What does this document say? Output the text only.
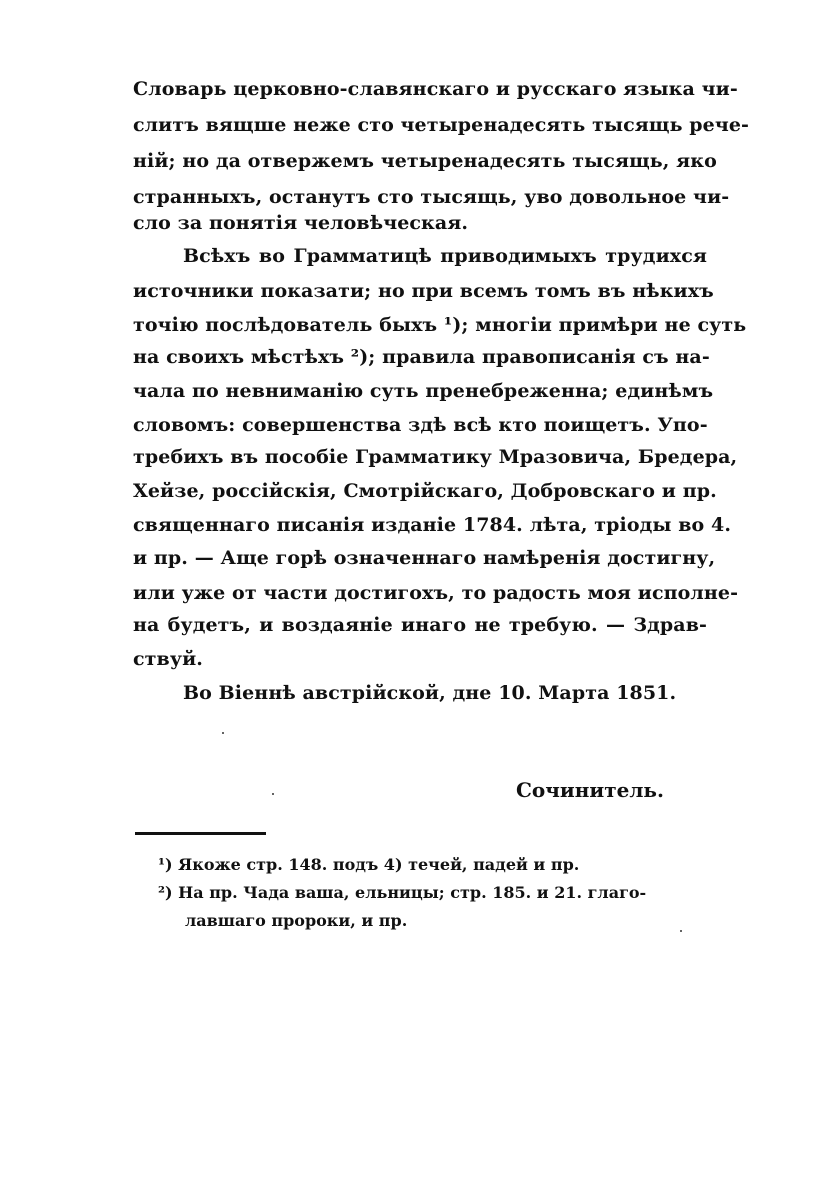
Словарь церковно-славянскаго и русскаго языка чи-
слитъ вящше неже сто четыренадесять тысящь рече-
ній; но да отвержемъ четыренадесять тысящь, яко
странныхъ, останутъ сто тысящь, уво довольное чи-
сло за понятія человѣческая.
Всѣхъ во Грамматицѣ приводимыхъ трудихся
источники показати; но при всемъ томъ въ нѣкихъ
точію послѣдователь быхъ ¹); многіи примѣри не суть
на своихъ мѣстѣхъ ²); правила правописанія съ на-
чала по невниманію суть пренебреженна; единѣмъ
словомъ: совершенства здѣ всѣ кто поищетъ. Упо-
требихъ въ пособіе Грамматику Мразовича, Бредера,
Хейзе, россійскія, Смотрійскаго, Добровскаго и пр.
священнаго писанія изданіе 1784. лѣта, тріоды во 4.
и пр. — Аще горѣ означеннаго намѣренія достигну,
или уже от части достигохъ, то радость моя исполне-
на будетъ, и воздаяніе инаго не требую. — Здрав-
ствуй.
Во Віеннѣ австрійской, дне 10. Марта 1851.
Сочинитель.
¹) Якоже стр. 148. подъ 4) течей, падей и пр.
²) На пр. Чада ваша, ельницы; стр. 185. и 21. глаго-
лавшаго пророки, и пр.
